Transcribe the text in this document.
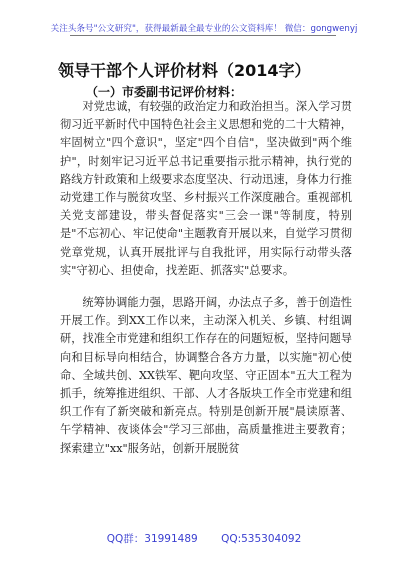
关注头条号"公文研究"，获得最新最全最专业的公文资料库！ 微信：gongwenyj
领导干部个人评价材料（2014字）
（一）市委副书记评价材料：

对党忠诚，有较强的政治定力和政治担当。深入学习贯彻习近平新时代中国特色社会主义思想和党的二十大精神，牢固树立"四个意识"，坚定"四个自信"，坚决做到"两个维护"，时刻牢记习近平总书记重要指示批示精神，执行党的路线方针政策和上级要求态度坚决、行动迅速，身体力行推动党建工作与脱贫攻坚、乡村振兴工作深度融合。重视部机关党支部建设，带头督促落实"三会一课"等制度，特别是"不忘初心、牢记使命"主题教育开展以来，自觉学习贯彻党章党规，认真开展批评与自我批评，用实际行动带头落实"守初心、担使命，找差距、抓落实"总要求。

统筹协调能力强，思路开阔，办法点子多，善于创造性开展工作。到XX工作以来，主动深入机关、乡镇、村组调研，找准全市党建和组织工作存在的问题短板，坚持问题导向和目标导向相结合，协调整合各方力量，以实施"初心使命、全域共创、XX铁军、靶向攻坚、守正固本"五大工程为抓手，统筹推进组织、干部、人才各版块工作全市党建和组织工作有了新突破和新亮点。特别是创新开展"晨读原著、午学精神、夜谈体会"学习三部曲，高质量推进主要教育；探索建立"xx"服务站，创新开展脱贫

QQ群：31991489 QQ:535304092
